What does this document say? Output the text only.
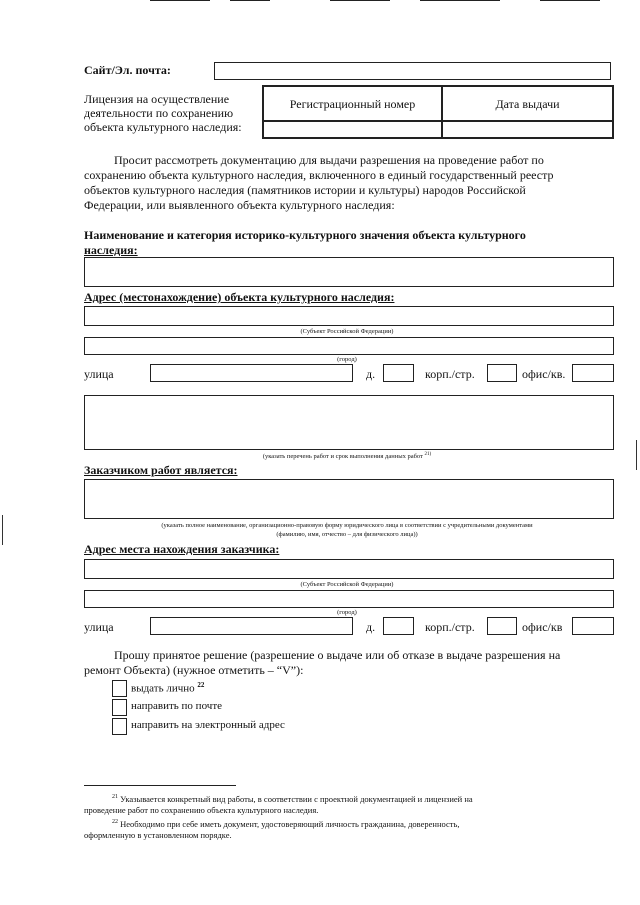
Сайт/Эл. почта:
Лицензия на осуществление
деятельности по сохранению
объекта культурного наследия:
Регистрационный номер	Дата выдачи
Просит рассмотреть документацию для выдачи разрешения на проведение работ по
сохранению объекта культурного наследия, включенного в единый государственный реестр
объектов культурного наследия (памятников истории и культуры) народов Российской
Федерации, или выявленного объекта культурного наследия:
Наименование и категория историко-культурного значения объекта культурного
наследия:
Адрес (местонахождение) объекта культурного наследия:
(Субъект Российской Федерации)
(город)
улица	д.	корп./стр.	офис/кв.
(указать перечень работ и срок выполнения данных работ $^{21)}$
Заказчиком работ является:
(указать полное наименование, организационно-правовую форму юридического лица в соответствии с учредительными документами
(фамилию, имя, отчество – для физического лица))
Адрес места нахождения заказчика:
(Субъект Российской Федерации)
(город)
улица	д.	корп./стр.	офис/кв
Прошу принятое решение (разрешение о выдаче или об отказе в выдаче разрешения на
ремонт Объекта) (нужное отметить – “V”):
выдать лично $^{22}$
направить по почте
направить на электронный адрес
$^{21}$ Указывается конкретный вид работы, в соответствии с проектной документацией и лицензией на
проведение работ по сохранению объекта культурного наследия.
$^{22}$ Необходимо при себе иметь документ, удостоверяющий личность гражданина, доверенность,
оформленную в установленном порядке.
